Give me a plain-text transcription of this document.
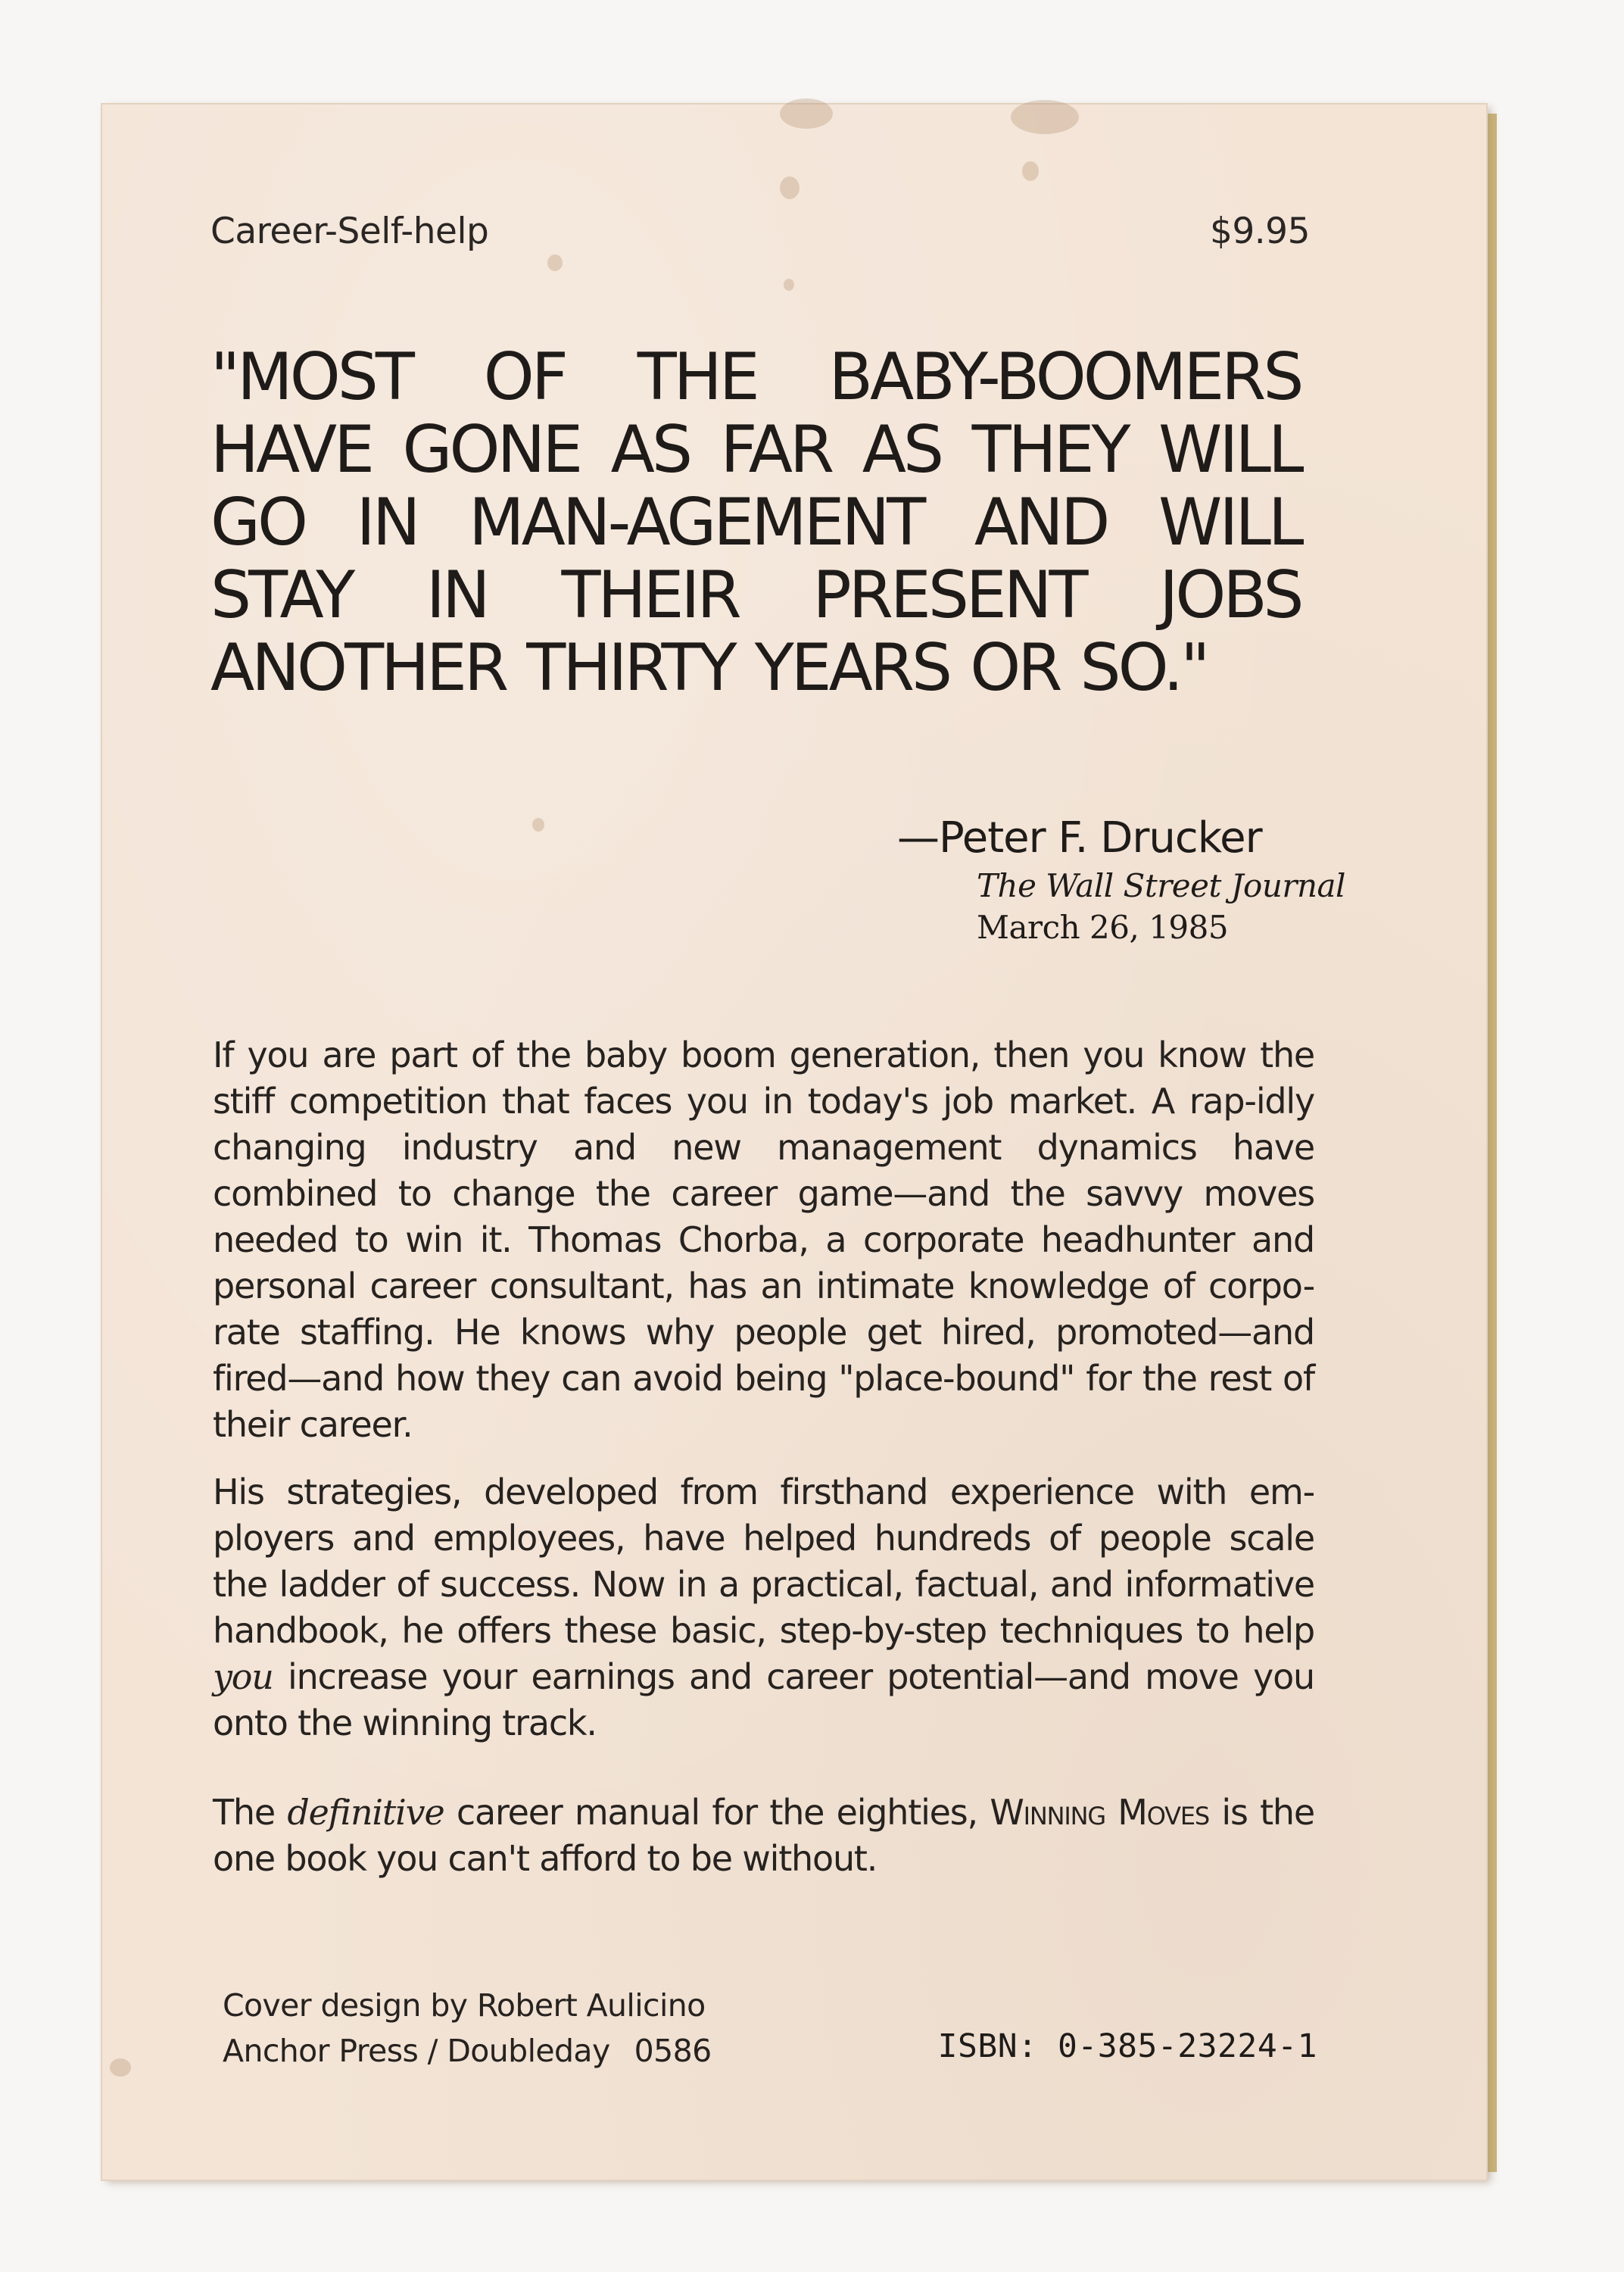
Career-Self-help	$9.95

"MOST OF THE BABY-BOOMERS HAVE GONE AS FAR AS THEY WILL GO IN MAN-AGEMENT AND WILL STAY IN THEIR PRESENT JOBS ANOTHER THIRTY YEARS OR SO."

—Peter F. Drucker
The Wall Street Journal
March 26, 1985

If you are part of the baby boom generation, then you know the stiff competition that faces you in today's job market. A rap-idly changing industry and new management dynamics have combined to change the career game—and the savvy moves needed to win it. Thomas Chorba, a corporate headhunter and personal career consultant, has an intimate knowledge of corpo-rate staffing. He knows why people get hired, promoted—and fired—and how they can avoid being "place-bound" for the rest of their career.

His strategies, developed from firsthand experience with em-ployers and employees, have helped hundreds of people scale the ladder of success. Now in a practical, factual, and informative handbook, he offers these basic, step-by-step techniques to help you increase your earnings and career potential—and move you onto the winning track.

The definitive career manual for the eighties, Winning Moves is the one book you can't afford to be without.

Cover design by Robert Aulicino
Anchor Press / Doubleday 0586	ISBN: 0-385-23224-1
